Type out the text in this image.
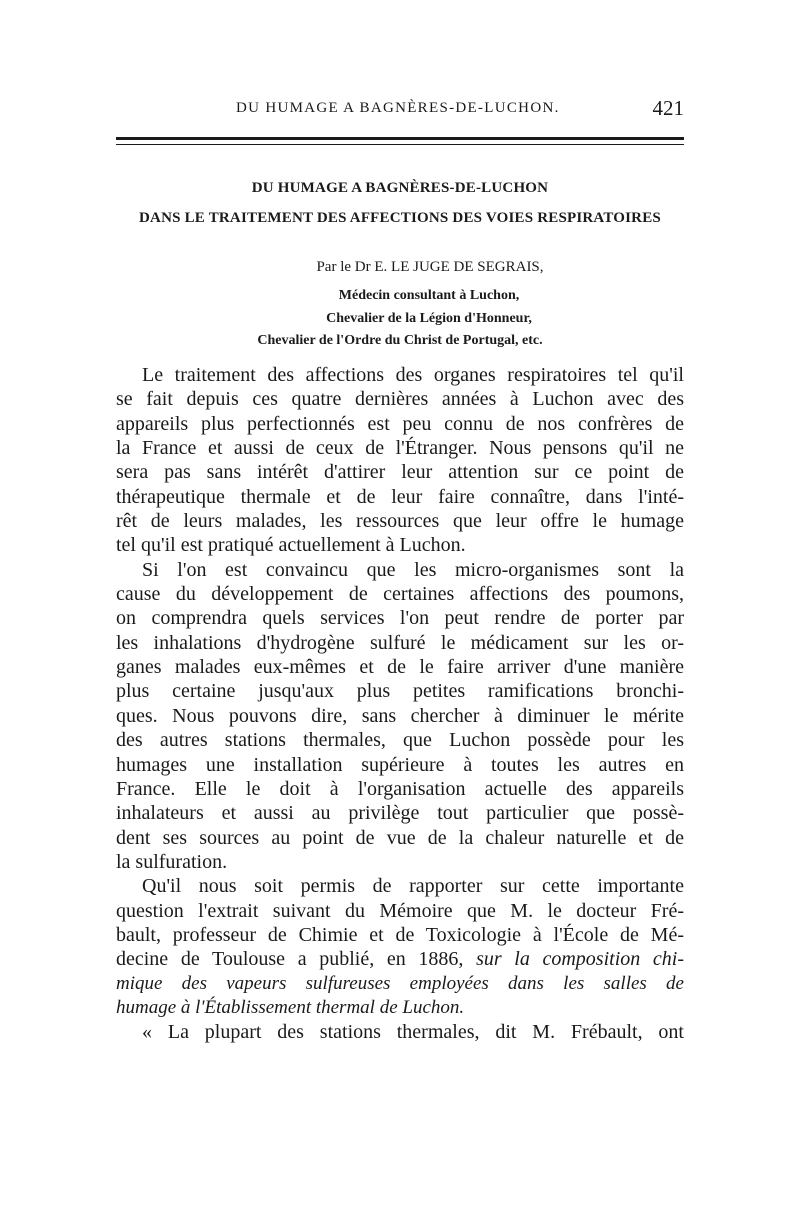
DU HUMAGE A BAGNÈRES-DE-LUCHON.	421
DU HUMAGE A BAGNÈRES-DE-LUCHON
DANS LE TRAITEMENT DES AFFECTIONS DES VOIES RESPIRATOIRES
Par le Dr E. LE JUGE DE SEGRAIS,
Médecin consultant à Luchon,
Chevalier de la Légion d'Honneur,
Chevalier de l'Ordre du Christ de Portugal, etc.
Le traitement des affections des organes respiratoires tel qu'il
se fait depuis ces quatre dernières années à Luchon avec des
appareils plus perfectionnés est peu connu de nos confrères de
la France et aussi de ceux de l'Étranger. Nous pensons qu'il ne
sera pas sans intérêt d'attirer leur attention sur ce point de
thérapeutique thermale et de leur faire connaître, dans l'inté-
rêt de leurs malades, les ressources que leur offre le humage
tel qu'il est pratiqué actuellement à Luchon.
Si l'on est convaincu que les micro-organismes sont la
cause du développement de certaines affections des poumons,
on comprendra quels services l'on peut rendre de porter par
les inhalations d'hydrogène sulfuré le médicament sur les or-
ganes malades eux-mêmes et de le faire arriver d'une manière
plus certaine jusqu'aux plus petites ramifications bronchi-
ques. Nous pouvons dire, sans chercher à diminuer le mérite
des autres stations thermales, que Luchon possède pour les
humages une installation supérieure à toutes les autres en
France. Elle le doit à l'organisation actuelle des appareils
inhalateurs et aussi au privilège tout particulier que possè-
dent ses sources au point de vue de la chaleur naturelle et de
la sulfuration.
Qu'il nous soit permis de rapporter sur cette importante
question l'extrait suivant du Mémoire que M. le docteur Fré-
bault, professeur de Chimie et de Toxicologie à l'École de Mé-
decine de Toulouse a publié, en 1886, sur la composition chi-
mique des vapeurs sulfureuses employées dans les salles de
humage à l'Établissement thermal de Luchon.
« La plupart des stations thermales, dit M. Frébault, ont
